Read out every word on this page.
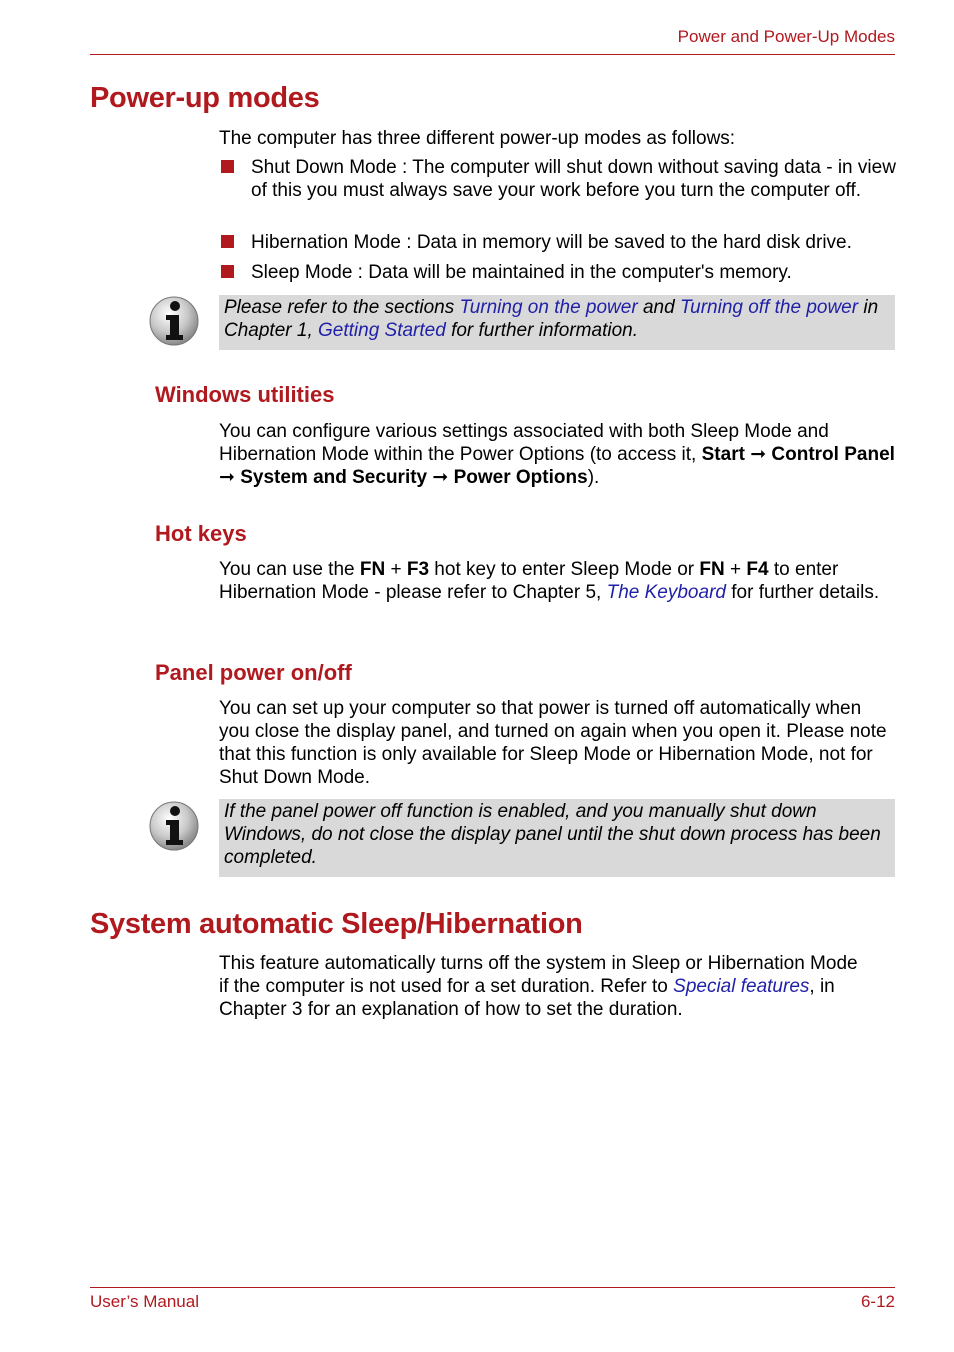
Power and Power-Up Modes
Power-up modes
The computer has three different power-up modes as follows:
Shut Down Mode : The computer will shut down without saving data - in view of this you must always save your work before you turn the computer off.
Hibernation Mode : Data in memory will be saved to the hard disk drive.
Sleep Mode : Data will be maintained in the computer's memory.
Please refer to the sections Turning on the power and Turning off the power in Chapter 1, Getting Started for further information.
Windows utilities
You can configure various settings associated with both Sleep Mode and Hibernation Mode within the Power Options (to access it, Start ➞ Control Panel ➞ System and Security ➞ Power Options).
Hot keys
You can use the FN + F3 hot key to enter Sleep Mode or FN + F4 to enter Hibernation Mode - please refer to Chapter 5, The Keyboard for further details.
Panel power on/off
You can set up your computer so that power is turned off automatically when you close the display panel, and turned on again when you open it. Please note that this function is only available for Sleep Mode or Hibernation Mode, not for Shut Down Mode.
If the panel power off function is enabled, and you manually shut down Windows, do not close the display panel until the shut down process has been completed.
System automatic Sleep/Hibernation
This feature automatically turns off the system in Sleep or Hibernation Mode if the computer is not used for a set duration. Refer to Special features, in Chapter 3 for an explanation of how to set the duration.
User’s Manual	6-12
